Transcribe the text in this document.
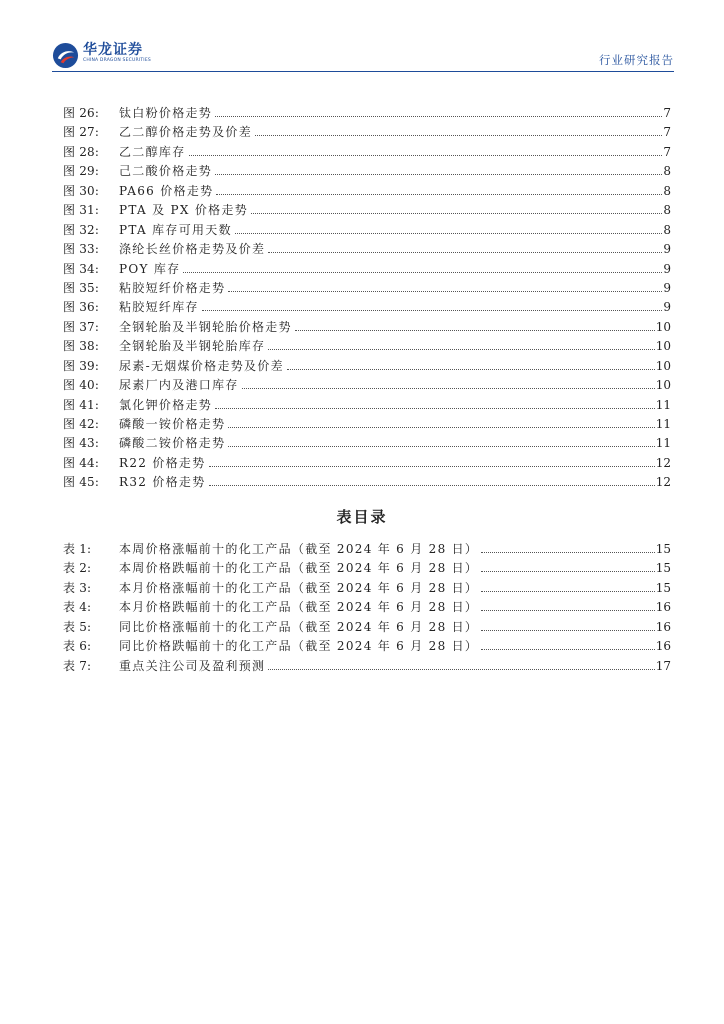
华龙证券
CHINA DRAGON SECURITIES	行业研究报告
图 26:	钛白粉价格走势	7
图 27:	乙二醇价格走势及价差	7
图 28:	乙二醇库存	7
图 29:	己二酸价格走势	8
图 30:	PA66 价格走势	8
图 31:	PTA 及 PX 价格走势	8
图 32:	PTA 库存可用天数	8
图 33:	涤纶长丝价格走势及价差	9
图 34:	POY 库存	9
图 35:	粘胶短纤价格走势	9
图 36:	粘胶短纤库存	9
图 37:	全钢轮胎及半钢轮胎价格走势	10
图 38:	全钢轮胎及半钢轮胎库存	10
图 39:	尿素-无烟煤价格走势及价差	10
图 40:	尿素厂内及港口库存	10
图 41:	氯化钾价格走势	11
图 42:	磷酸一铵价格走势	11
图 43:	磷酸二铵价格走势	11
图 44:	R22 价格走势	12
图 45:	R32 价格走势	12
表目录
表 1:	本周价格涨幅前十的化工产品（截至 2024 年 6 月 28 日）	15
表 2:	本周价格跌幅前十的化工产品（截至 2024 年 6 月 28 日）	15
表 3:	本月价格涨幅前十的化工产品（截至 2024 年 6 月 28 日）	15
表 4:	本月价格跌幅前十的化工产品（截至 2024 年 6 月 28 日）	16
表 5:	同比价格涨幅前十的化工产品（截至 2024 年 6 月 28 日）	16
表 6:	同比价格跌幅前十的化工产品（截至 2024 年 6 月 28 日）	16
表 7:	重点关注公司及盈利预测	17
